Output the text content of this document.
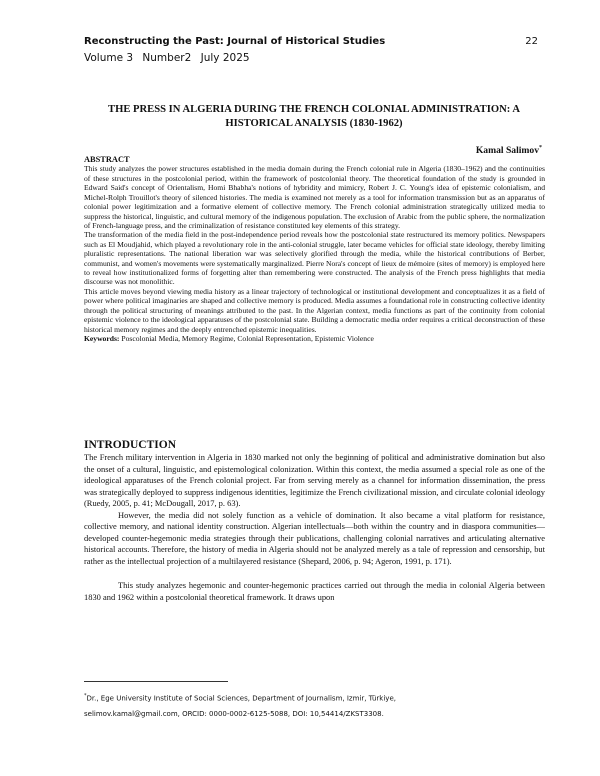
Reconstructing the Past: Journal of Historical Studies	22
Volume 3 Number2 July 2025
THE PRESS IN ALGERIA DURING THE FRENCH COLONIAL ADMINISTRATION: A HISTORICAL ANALYSIS (1830-1962)
Kamal Salimov*

ABSTRACT

This study analyzes the power structures established in the media domain during the French colonial rule in Algeria (1830–1962) and the continuities of these structures in the postcolonial period, within the framework of postcolonial theory. The theoretical foundation of the study is grounded in Edward Said's concept of Orientalism, Homi Bhabha's notions of hybridity and mimicry, Robert J. C. Young's idea of epistemic colonialism, and Michel-Rolph Trouillot's theory of silenced histories. The media is examined not merely as a tool for information transmission but as an apparatus of colonial power legitimization and a formative element of collective memory. The French colonial administration strategically utilized media to suppress the historical, linguistic, and cultural memory of the indigenous population. The exclusion of Arabic from the public sphere, the normalization of French-language press, and the criminalization of resistance constituted key elements of this strategy.

The transformation of the media field in the post-independence period reveals how the postcolonial state restructured its memory politics. Newspapers such as El Moudjahid, which played a revolutionary role in the anti-colonial struggle, later became vehicles for official state ideology, thereby limiting pluralistic representations. The national liberation war was selectively glorified through the media, while the historical contributions of Berber, communist, and women's movements were systematically marginalized. Pierre Nora's concept of lieux de mémoire (sites of memory) is employed here to reveal how institutionalized forms of forgetting alter than remembering were constructed. The analysis of the French press highlights that media discourse was not monolithic.

This article moves beyond viewing media history as a linear trajectory of technological or institutional development and conceptualizes it as a field of power where political imaginaries are shaped and collective memory is produced. Media assumes a foundational role in constructing collective identity through the political structuring of meanings attributed to the past. In the Algerian context, media functions as part of the continuity from colonial epistemic violence to the ideological apparatuses of the postcolonial state. Building a democratic media order requires a critical deconstruction of these historical memory regimes and the deeply entrenched epistemic inequalities.

Keywords: Poscolonial Media, Memory Regime, Colonial Representation, Epistemic Violence

INTRODUCTION

The French military intervention in Algeria in 1830 marked not only the beginning of political and administrative domination but also the onset of a cultural, linguistic, and epistemological colonization. Within this context, the media assumed a special role as one of the ideological apparatuses of the French colonial project. Far from serving merely as a channel for information dissemination, the press was strategically deployed to suppress indigenous identities, legitimize the French civilizational mission, and circulate colonial ideology (Ruedy, 2005, p. 41; McDougall, 2017, p. 63).

However, the media did not solely function as a vehicle of domination. It also became a vital platform for resistance, collective memory, and national identity construction. Algerian intellectuals—both within the country and in diaspora communities—developed counter-hegemonic media strategies through their publications, challenging colonial narratives and articulating alternative historical accounts. Therefore, the history of media in Algeria should not be analyzed merely as a tale of repression and censorship, but rather as the intellectual projection of a multilayered resistance (Shepard, 2006, p. 94; Ageron, 1991, p. 171).

This study analyzes hegemonic and counter-hegemonic practices carried out through the media in colonial Algeria between 1830 and 1962 within a postcolonial theoretical framework. It draws upon

*Dr., Ege University Institute of Social Sciences, Department of Journalism, Izmir, Türkiye,

selimov.kamal@gmail.com, ORCID: 0000-0002-6125-5088, DOI: 10,54414/ZKST3308.
